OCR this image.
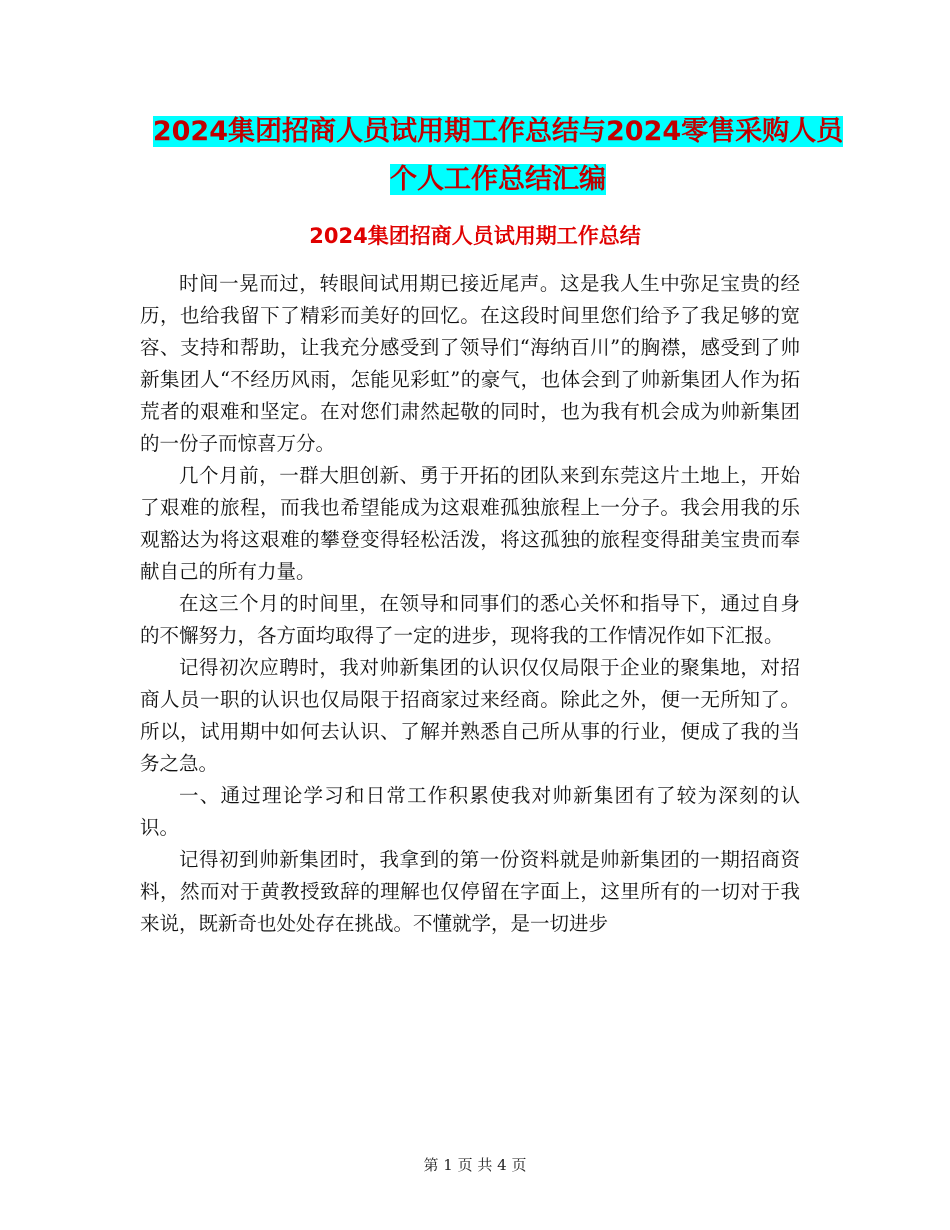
2024集团招商人员试用期工作总结与2024零售采购人员个人工作总结汇编
2024集团招商人员试用期工作总结

时间一晃而过，转眼间试用期已接近尾声。这是我人生中弥足宝贵的经历，也给我留下了精彩而美好的回忆。在这段时间里您们给予了我足够的宽容、支持和帮助，让我充分感受到了领导们“海纳百川”的胸襟，感受到了帅新集团人“不经历风雨，怎能见彩虹”的豪气，也体会到了帅新集团人作为拓荒者的艰难和坚定。在对您们肃然起敬的同时，也为我有机会成为帅新集团的一份子而惊喜万分。

几个月前，一群大胆创新、勇于开拓的团队来到东莞这片土地上，开始了艰难的旅程，而我也希望能成为这艰难孤独旅程上一分子。我会用我的乐观豁达为将这艰难的攀登变得轻松活泼，将这孤独的旅程变得甜美宝贵而奉献自己的所有力量。

在这三个月的时间里，在领导和同事们的悉心关怀和指导下，通过自身的不懈努力，各方面均取得了一定的进步，现将我的工作情况作如下汇报。

记得初次应聘时，我对帅新集团的认识仅仅局限于企业的聚集地，对招商人员一职的认识也仅局限于招商家过来经商。除此之外，便一无所知了。所以，试用期中如何去认识、了解并熟悉自己所从事的行业，便成了我的当务之急。

一、通过理论学习和日常工作积累使我对帅新集团有了较为深刻的认识。

记得初到帅新集团时，我拿到的第一份资料就是帅新集团的一期招商资料，然而对于黄教授致辞的理解也仅停留在字面上，这里所有的一切对于我来说，既新奇也处处存在挑战。不懂就学，是一切进步

第 1 页 共 4 页
